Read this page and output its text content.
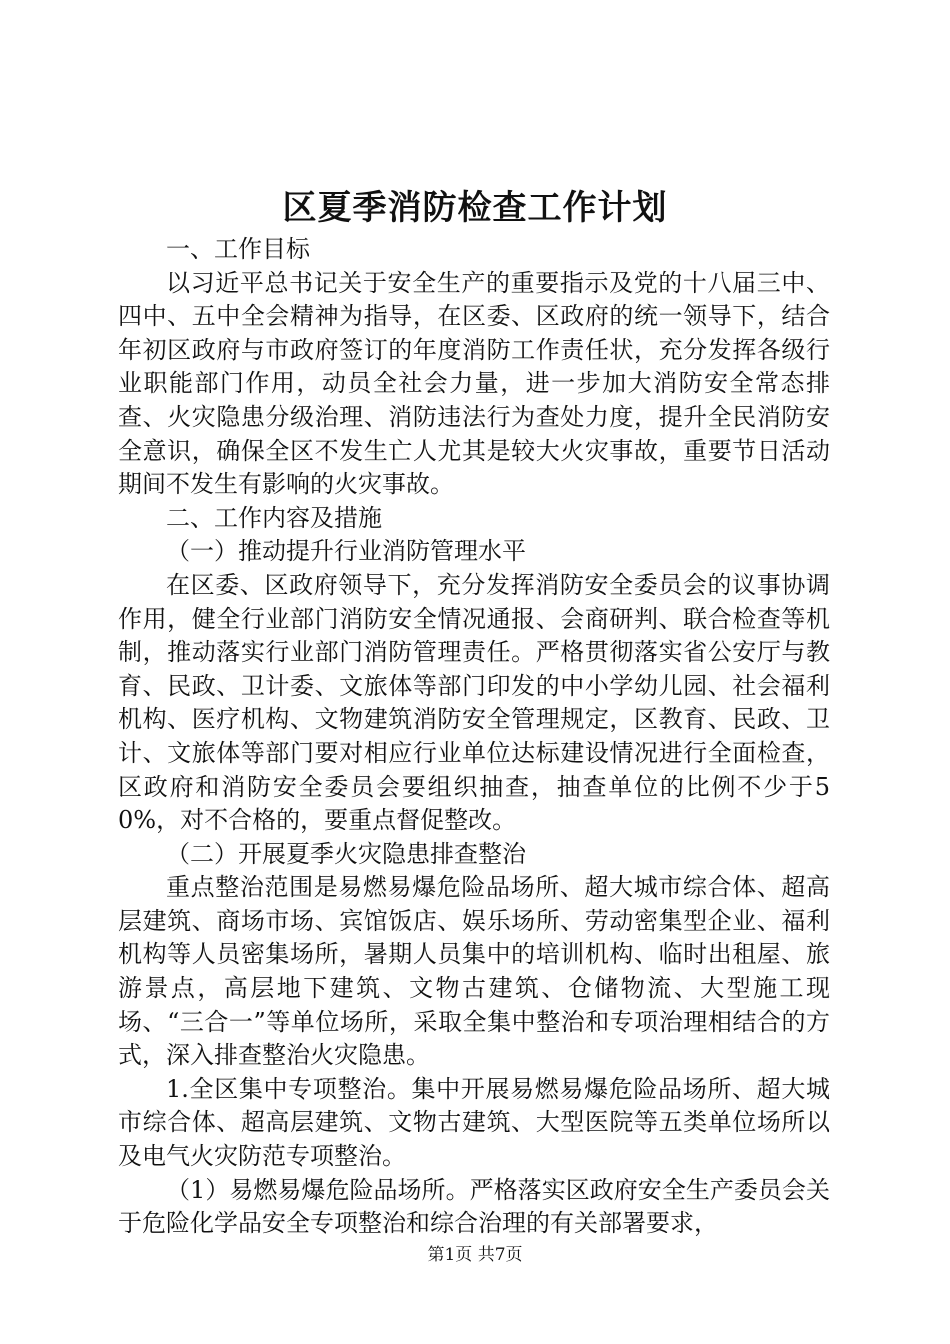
区夏季消防检查工作计划

一、工作目标

以习近平总书记关于安全生产的重要指示及党的十八届三中、四中、五中全会精神为指导，在区委、区政府的统一领导下，结合年初区政府与市政府签订的年度消防工作责任状，充分发挥各级行业职能部门作用，动员全社会力量，进一步加大消防安全常态排查、火灾隐患分级治理、消防违法行为查处力度，提升全民消防安全意识，确保全区不发生亡人尤其是较大火灾事故，重要节日活动期间不发生有影响的火灾事故。

二、工作内容及措施

（一）推动提升行业消防管理水平

在区委、区政府领导下，充分发挥消防安全委员会的议事协调作用，健全行业部门消防安全情况通报、会商研判、联合检查等机制，推动落实行业部门消防管理责任。严格贯彻落实省公安厅与教育、民政、卫计委、文旅体等部门印发的中小学幼儿园、社会福利机构、医疗机构、文物建筑消防安全管理规定，区教育、民政、卫计、文旅体等部门要对相应行业单位达标建设情况进行全面检查，区政府和消防安全委员会要组织抽查，抽查单位的比例不少于50%，对不合格的，要重点督促整改。

（二）开展夏季火灾隐患排查整治

重点整治范围是易燃易爆危险品场所、超大城市综合体、超高层建筑、商场市场、宾馆饭店、娱乐场所、劳动密集型企业、福利机构等人员密集场所，暑期人员集中的培训机构、临时出租屋、旅游景点，高层地下建筑、文物古建筑、仓储物流、大型施工现场、“三合一”等单位场所，采取全集中整治和专项治理相结合的方式，深入排查整治火灾隐患。

1.全区集中专项整治。集中开展易燃易爆危险品场所、超大城市综合体、超高层建筑、文物古建筑、大型医院等五类单位场所以及电气火灾防范专项整治。

（1）易燃易爆危险品场所。严格落实区政府安全生产委员会关于危险化学品安全专项整治和综合治理的有关部署要求，

第1页 共7页
